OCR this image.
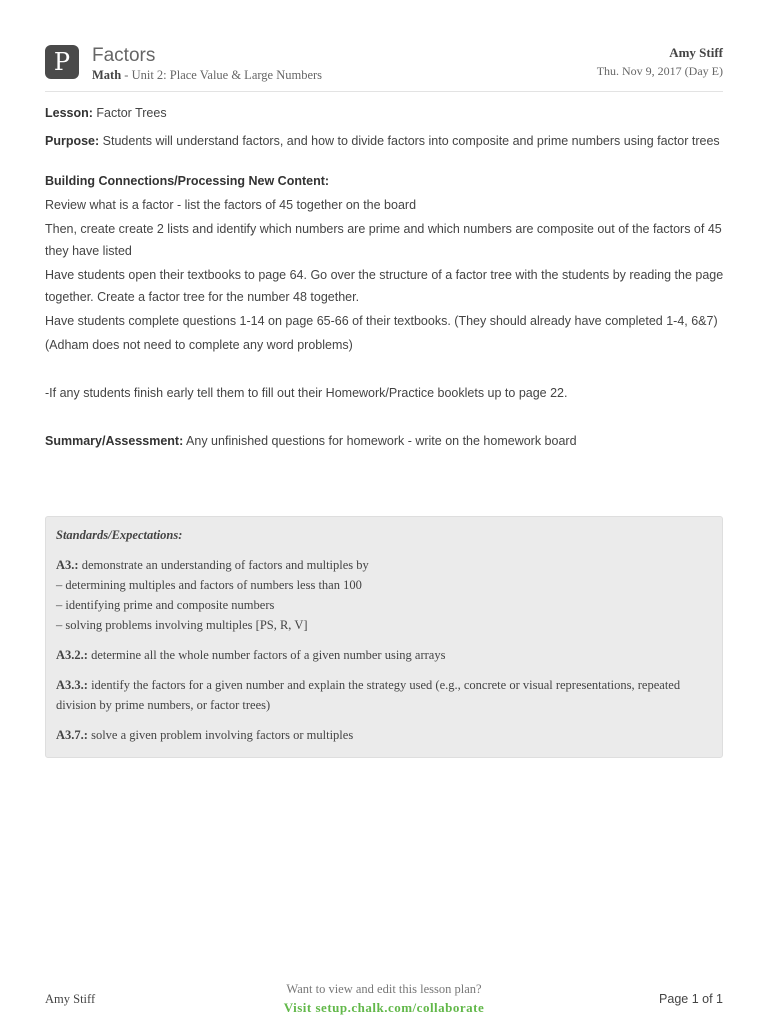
P	Factors
Math - Unit 2: Place Value & Large Numbers
Amy Stiff
Thu. Nov 9, 2017 (Day E)

Lesson: Factor Trees

Purpose: Students will understand factors, and how to divide factors into composite and prime numbers using factor trees

Building Connections/Processing New Content:

Review what is a factor - list the factors of 45 together on the board

Then, create create 2 lists and identify which numbers are prime and which numbers are composite out of the factors of 45 they have listed

Have students open their textbooks to page 64. Go over the structure of a factor tree with the students by reading the page together. Create a factor tree for the number 48 together.

Have students complete questions 1-14 on page 65-66 of their textbooks. (They should already have completed 1-4, 6&7)

(Adham does not need to complete any word problems)

-If any students finish early tell them to fill out their Homework/Practice booklets up to page 22.

Summary/Assessment: Any unfinished questions for homework - write on the homework board

Standards/Expectations:

A3.: demonstrate an understanding of factors and multiples by

– determining multiples and factors of numbers less than 100

– identifying prime and composite numbers

– solving problems involving multiples [PS, R, V]

A3.2.: determine all the whole number factors of a given number using arrays

A3.3.: identify the factors for a given number and explain the strategy used (e.g., concrete or visual representations, repeated division by prime numbers, or factor trees)

A3.7.: solve a given problem involving factors or multiples

Amy Stiff
Want to view and edit this lesson plan?
Visit setup.chalk.com/collaborate
Page 1 of 1
